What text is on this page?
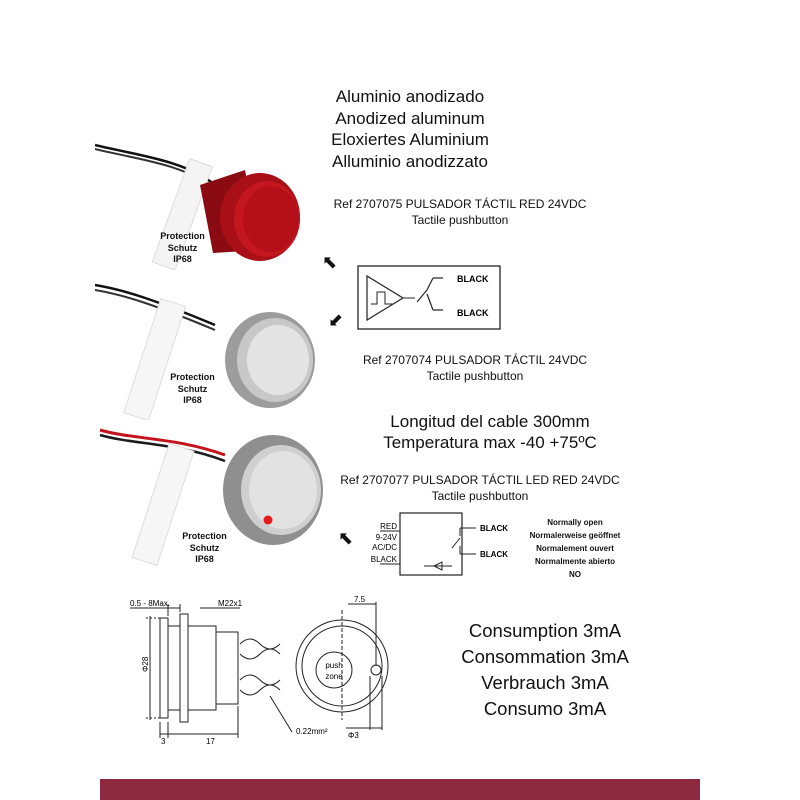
Aluminio anodizado
Anodized aluminum
Eloxiertes Aluminium
Alluminio anodizzato
Protection
Schutz
IP68	⬉
Ref 2707075 PULSADOR TÁCTIL RED 24VDC
Tactile pushbutton
BLACK
BLACK
⬋
Protection
Schutz
IP68
Ref 2707074 PULSADOR TÁCTIL 24VDC
Tactile pushbutton
Longitud del cable 300mm
Temperatura max -40 +75ºC
Protection
Schutz
IP68
Ref 2707077 PULSADOR TÁCTIL LED RED 24VDC
Tactile pushbutton
⬉
RED
9-24V
AC/DC
BLACK
BLACK
BLACK
Normally open
Normalerweise geöffnet
Normalement ouvert
Normalmente abierto
NO
0.5 - 8Max.	M22x1
Φ28
3	17
0.22mm²
7.5
Φ3
push
zone
Consumption 3mA
Consommation 3mA
Verbrauch 3mA
Consumo 3mA
